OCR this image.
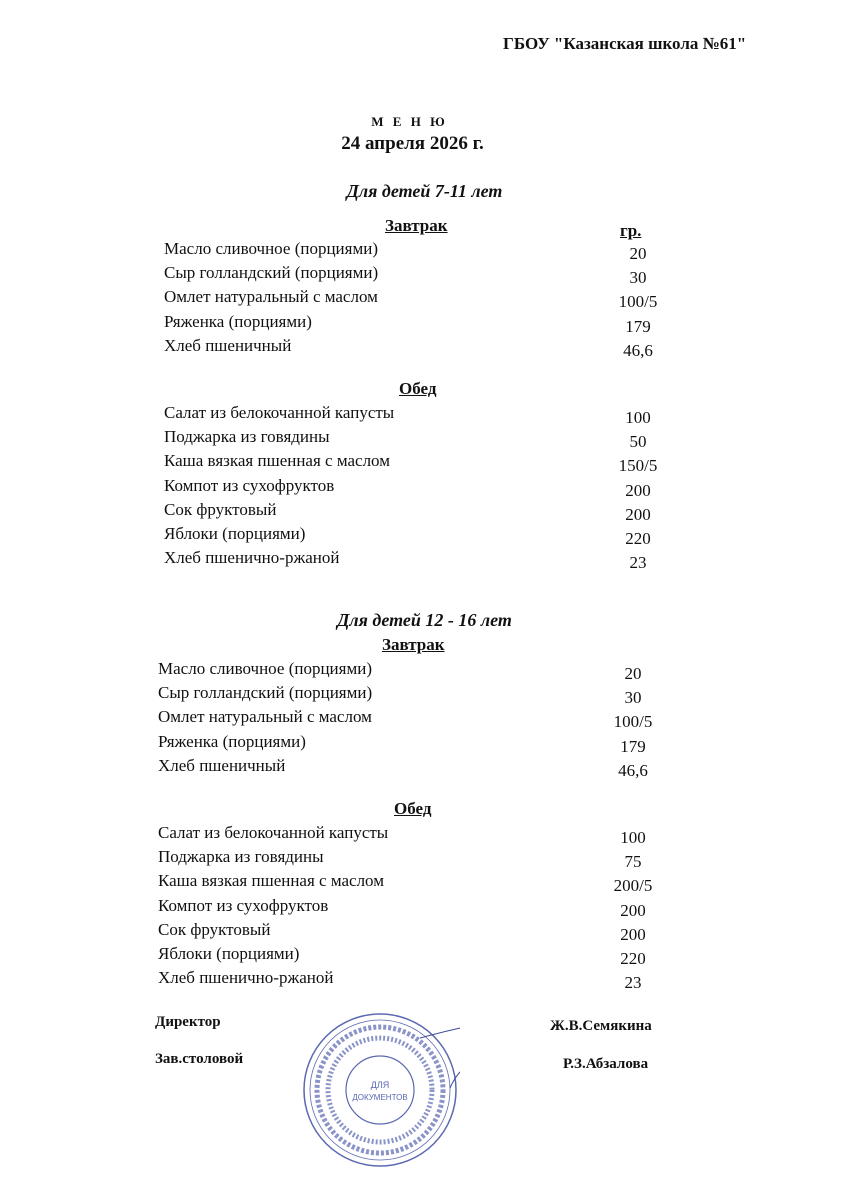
ГБОУ "Казанская школа №61"
М Е Н Ю
24 апреля 2026 г.
гр.
Для детей 7-11 лет
Завтрак
Масло сливочное (порциями)	20
Сыр голландский (порциями)	30
Омлет натуральный с маслом	100/5
Ряженка (порциями)	179
Хлеб пшеничный	46,6
Обед
Салат из белокочанной капусты	100
Поджарка из говядины	50
Каша вязкая пшенная с маслом	150/5
Компот из сухофруктов	200
Сок фруктовый	200
Яблоки (порциями)	220
Хлеб пшенично-ржаной	23
Для детей 12 - 16 лет
Завтрак
Масло сливочное (порциями)	20
Сыр голландский (порциями)	30
Омлет натуральный с маслом	100/5
Ряженка (порциями)	179
Хлеб пшеничный	46,6
Обед
Салат из белокочанной капусты	100
Поджарка из говядины	75
Каша вязкая пшенная с маслом	200/5
Компот из сухофруктов	200
Сок фруктовый	200
Яблоки (порциями)	220
Хлеб пшенично-ржаной	23
Директор	Ж.В.Семякина
Зав.столовой	Р.З.Абзалова
ДЛЯ
ДОКУМЕНТОВ
